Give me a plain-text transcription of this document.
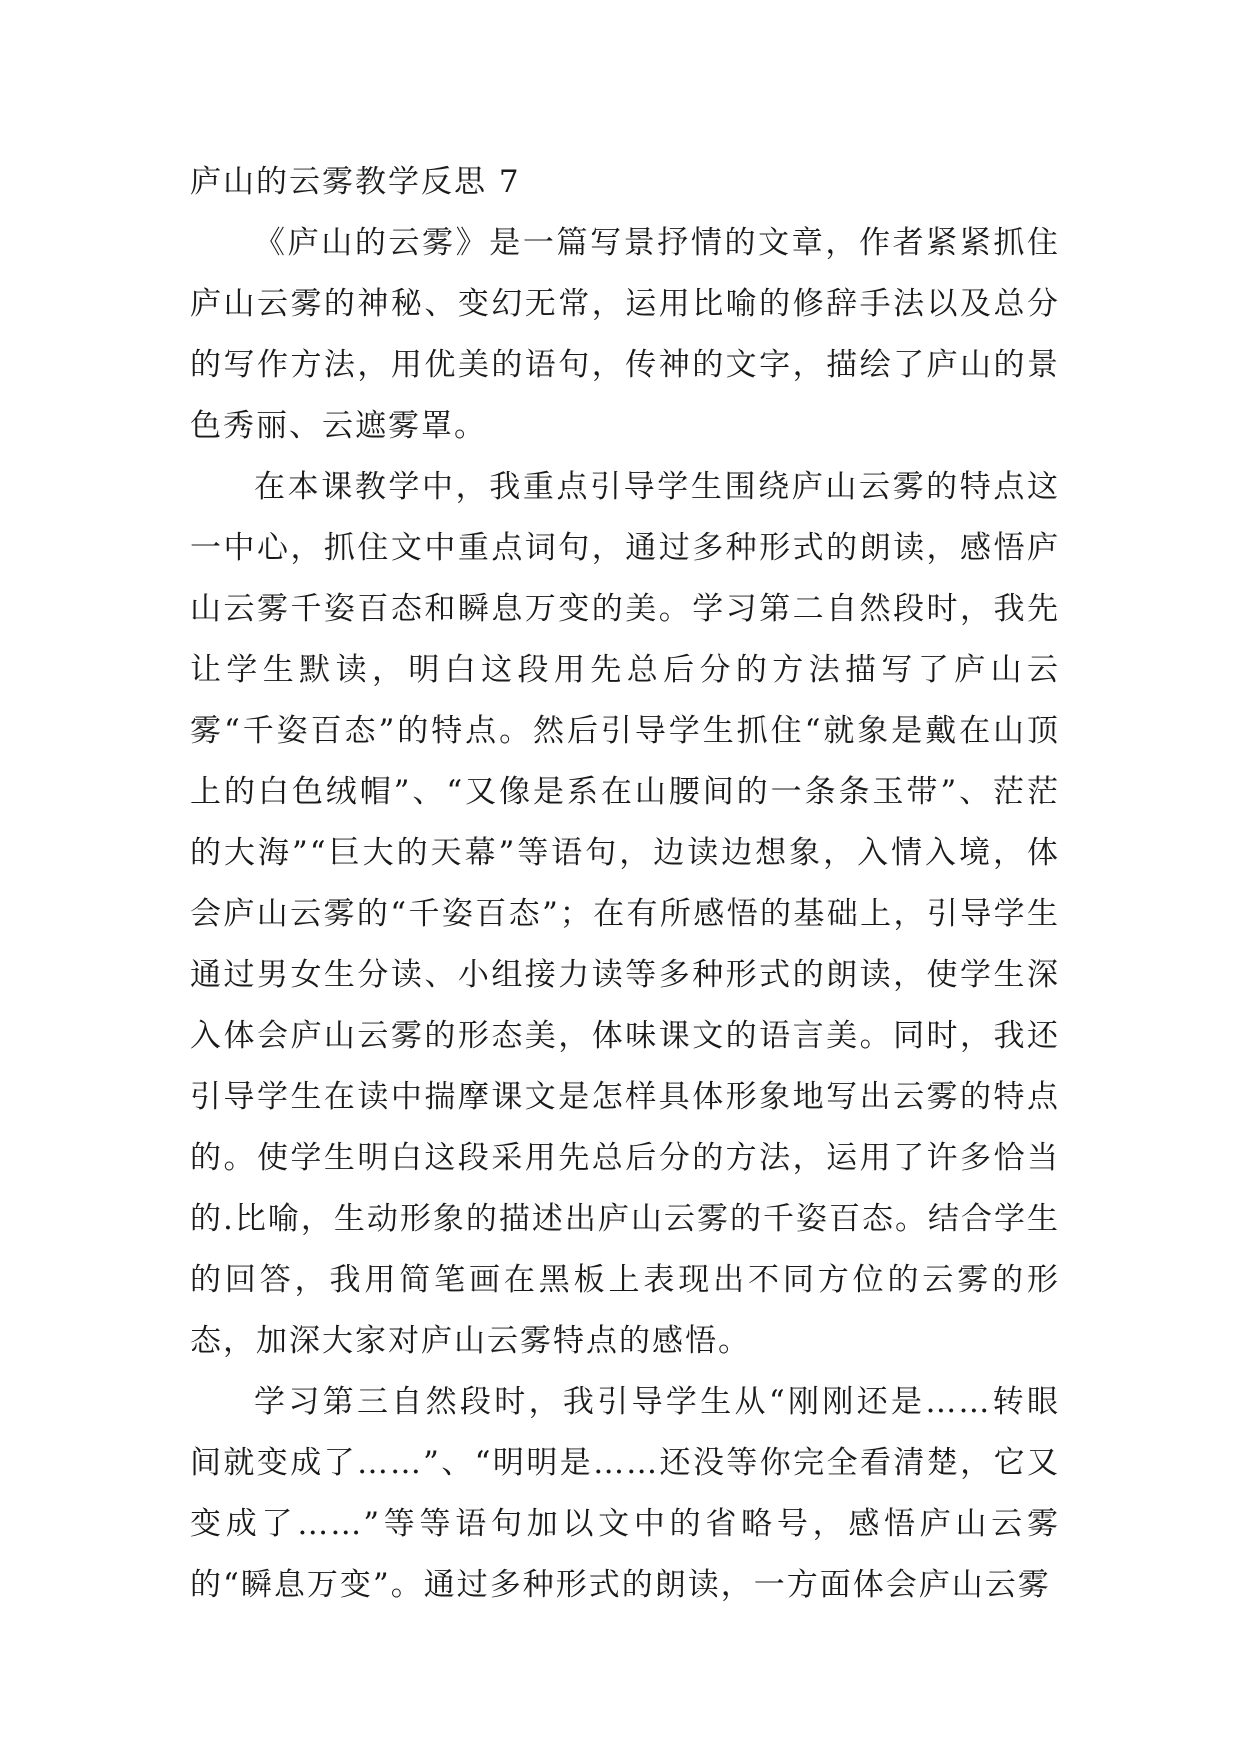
庐山的云雾教学反思 7

《庐山的云雾》是一篇写景抒情的文章，作者紧紧抓住庐山云雾的神秘、变幻无常，运用比喻的修辞手法以及总分的写作方法，用优美的语句，传神的文字，描绘了庐山的景色秀丽、云遮雾罩。

在本课教学中，我重点引导学生围绕庐山云雾的特点这一中心，抓住文中重点词句，通过多种形式的朗读，感悟庐山云雾千姿百态和瞬息万变的美。学习第二自然段时，我先让学生默读，明白这段用先总后分的方法描写了庐山云雾“千姿百态”的特点。然后引导学生抓住“就象是戴在山顶上的白色绒帽”、“又像是系在山腰间的一条条玉带”、茫茫的大海”“巨大的天幕”等语句，边读边想象，入情入境，体会庐山云雾的“千姿百态”；在有所感悟的基础上，引导学生通过男女生分读、小组接力读等多种形式的朗读，使学生深入体会庐山云雾的形态美，体味课文的语言美。同时，我还引导学生在读中揣摩课文是怎样具体形象地写出云雾的特点的。使学生明白这段采用先总后分的方法，运用了许多恰当的.比喻，生动形象的描述出庐山云雾的千姿百态。结合学生的回答，我用简笔画在黑板上表现出不同方位的云雾的形态，加深大家对庐山云雾特点的感悟。

学习第三自然段时，我引导学生从“刚刚还是……转眼间就变成了……”、“明明是……还没等你完全看清楚，它又变成了……”等等语句加以文中的省略号，感悟庐山云雾的“瞬息万变”。通过多种形式的朗读，一方面体会庐山云雾
